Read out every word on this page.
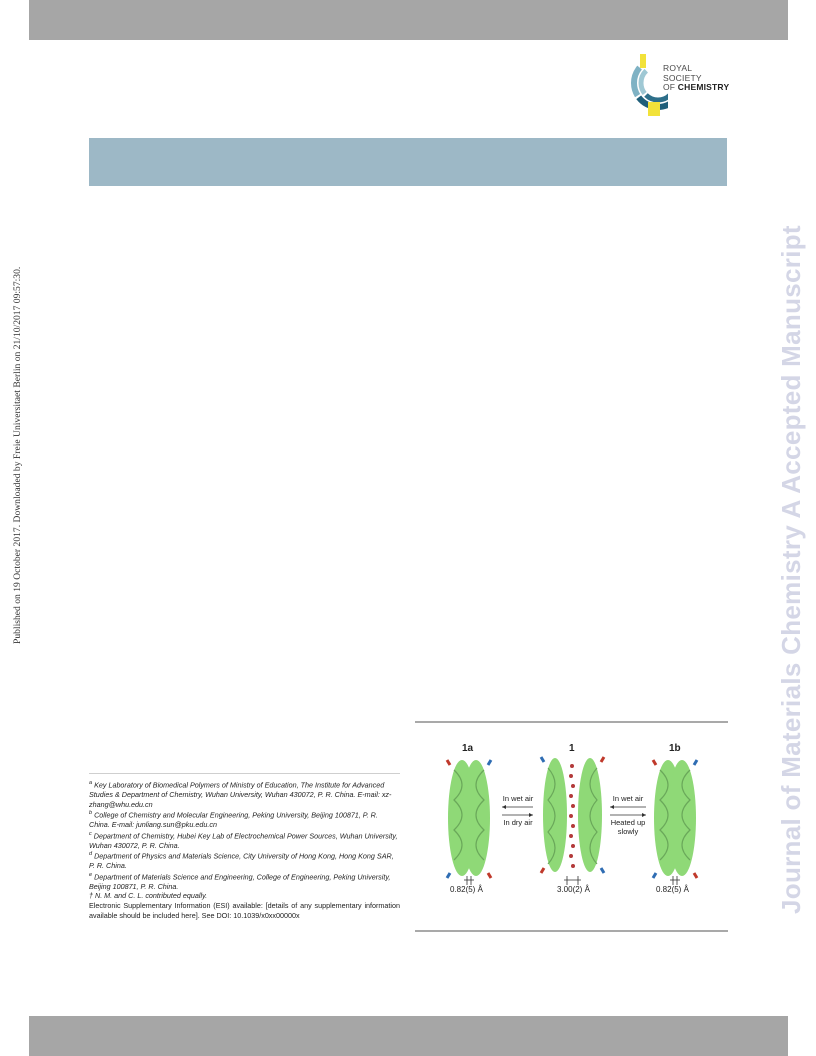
ROYAL SOCIETY
OF CHEMISTRY
Published on 19 October 2017. Downloaded by Freie Universitaet Berlin on 21/10/2017 09:57:30.	Journal of Materials Chemistry A Accepted Manuscript

$^a$ Key Laboratory of Biomedical Polymers of Ministry of Education, The Institute for Advanced Studies & Department of Chemistry, Wuhan University, Wuhan 430072, P. R. China. E-mail: xz-zhang@whu.edu.cn

$^b$ College of Chemistry and Molecular Engineering, Peking University, Beijing 100871, P. R. China. E-mail: junliang.sun@pku.edu.cn

$^c$ Department of Chemistry, Hubei Key Lab of Electrochemical Power Sources, Wuhan University, Wuhan 430072, P. R. China.

$^d$ Department of Physics and Materials Science, City University of Hong Kong, Hong Kong SAR, P. R. China.

$^e$ Department of Materials Science and Engineering, College of Engineering, Peking University, Beijing 100871, P. R. China.

† N. M. and C. L. contributed equally.

Electronic Supplementary Information (ESI) available: [details of any supplementary information available should be included here]. See DOI: 10.1039/x0xx00000x

1a	1	1b
In wet air
In dry air
In wet air
Heated up slowly
0.82(5) Å	3.00(2) Å	0.82(5) Å
